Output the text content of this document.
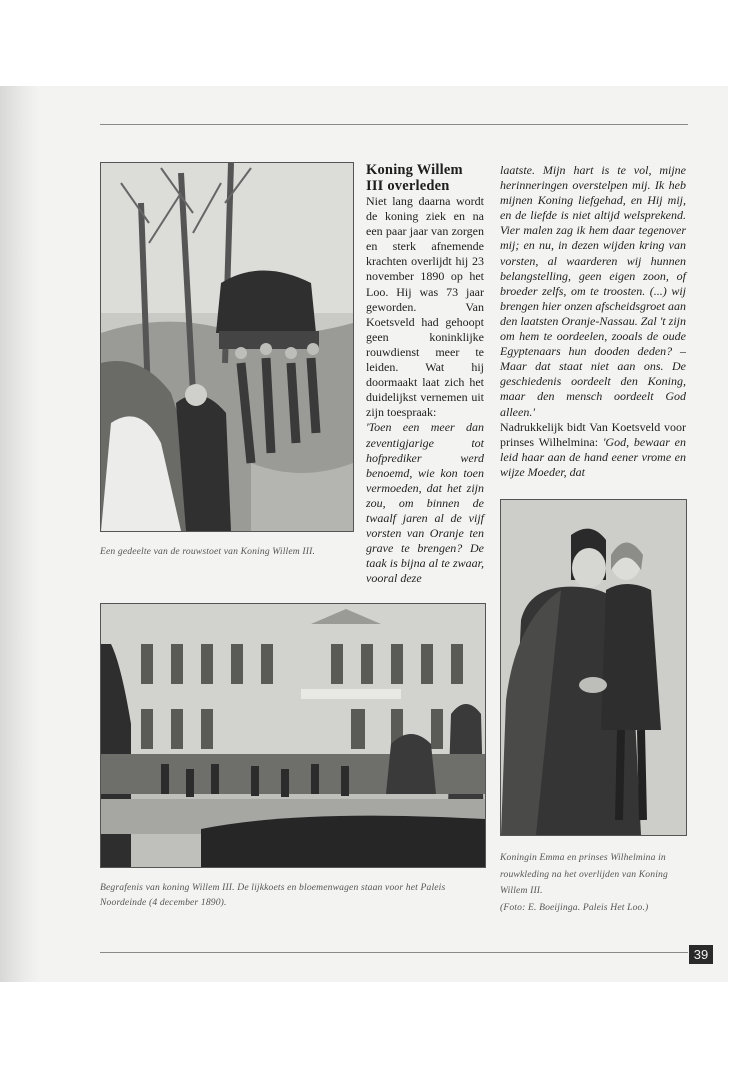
Een gedeelte van de rouwstoet van Koning Willem III.
Koning Willem III overleden

Niet lang daarna wordt de koning ziek en na een paar jaar van zorgen en sterk afnemende krachten overlijdt hij 23 november 1890 op het Loo. Hij was 73 jaar geworden. Van Koetsveld had gehoopt geen koninklijke rouwdienst meer te leiden. Wat hij doormaakt laat zich het duidelijkst vernemen uit zijn toespraak:

'Toen een meer dan zeventigjarige tot hofprediker werd benoemd, wie kon toen vermoeden, dat het zijn zou, om binnen de twaalf jaren al de vijf vorsten van Oranje ten grave te brengen? De taak is bijna al te zwaar, vooral deze

laatste. Mijn hart is te vol, mijne herinneringen overstelpen mij. Ik heb mijnen Koning liefgehad, en Hij mij, en de liefde is niet altijd welsprekend. Vier malen zag ik hem daar tegenover mij; en nu, in dezen wijden kring van vorsten, al waarderen wij hunnen belangstelling, geen eigen zoon, of broeder zelfs, om te troosten. (...) wij brengen hier onzen afscheidsgroet aan den laatsten Oranje-Nassau. Zal 't zijn om hem te oordeelen, zooals de oude Egyptenaars hun dooden deden? – Maar dat staat niet aan ons. De geschiedenis oordeelt den Koning, maar den mensch oordeelt God alleen.'

Nadrukkelijk bidt Van Koetsveld voor prinses Wilhelmina: 'God, bewaar en leid haar aan de hand eener vrome en wijze Moeder, dat

Begrafenis van koning Willem III. De lijkkoets en bloemenwagen staan voor het Paleis Noordeinde (4 december 1890).
Koningin Emma en prinses Wilhelmina in rouwkleding na het overlijden van Koning Willem III.
(Foto: E. Boeijinga. Paleis Het Loo.)
39
